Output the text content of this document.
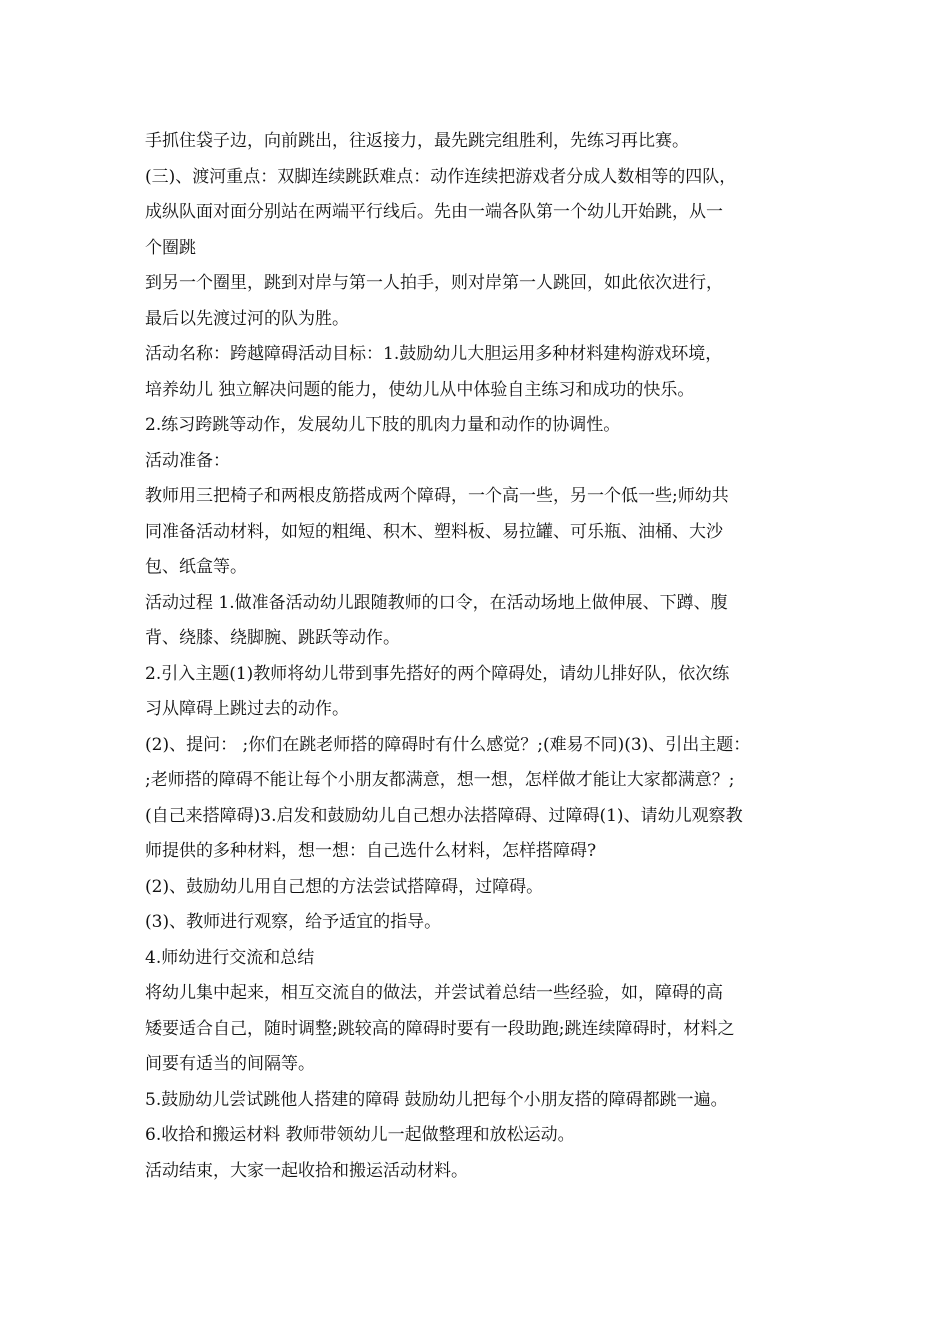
手抓住袋子边，向前跳出，往返接力，最先跳完组胜利，先练习再比赛。
(三)、渡河重点：双脚连续跳跃难点：动作连续把游戏者分成人数相等的四队，
成纵队面对面分别站在两端平行线后。先由一端各队第一个幼儿开始跳，从一
个圈跳
到另一个圈里，跳到对岸与第一人拍手，则对岸第一人跳回，如此依次进行，
最后以先渡过河的队为胜。
活动名称：跨越障碍活动目标：1.鼓励幼儿大胆运用多种材料建构游戏环境，
培养幼儿 独立解决问题的能力，使幼儿从中体验自主练习和成功的快乐。
2.练习跨跳等动作，发展幼儿下肢的肌肉力量和动作的协调性。
活动准备：
教师用三把椅子和两根皮筋搭成两个障碍，一个高一些，另一个低一些;师幼共
同准备活动材料，如短的粗绳、积木、塑料板、易拉罐、可乐瓶、油桶、大沙
包、纸盒等。
活动过程 1.做准备活动幼儿跟随教师的口令，在活动场地上做伸展、下蹲、腹
背、绕膝、绕脚腕、跳跃等动作。
2.引入主题(1)教师将幼儿带到事先搭好的两个障碍处，请幼儿排好队，依次练
习从障碍上跳过去的动作。
(2)、提问： ;你们在跳老师搭的障碍时有什么感觉？;(难易不同)(3)、引出主题：
;老师搭的障碍不能让每个小朋友都满意，想一想，怎样做才能让大家都满意？;
(自己来搭障碍)3.启发和鼓励幼儿自己想办法搭障碍、过障碍(1)、请幼儿观察教
师提供的多种材料，想一想：自己选什么材料，怎样搭障碍?
(2)、鼓励幼儿用自己想的方法尝试搭障碍，过障碍。
(3)、教师进行观察，给予适宜的指导。
4.师幼进行交流和总结
将幼儿集中起来，相互交流自的做法，并尝试着总结一些经验，如，障碍的高
矮要适合自己，随时调整;跳较高的障碍时要有一段助跑;跳连续障碍时，材料之
间要有适当的间隔等。
5.鼓励幼儿尝试跳他人搭建的障碍 鼓励幼儿把每个小朋友搭的障碍都跳一遍。
6.收拾和搬运材料 教师带领幼儿一起做整理和放松运动。
活动结束，大家一起收拾和搬运活动材料。
